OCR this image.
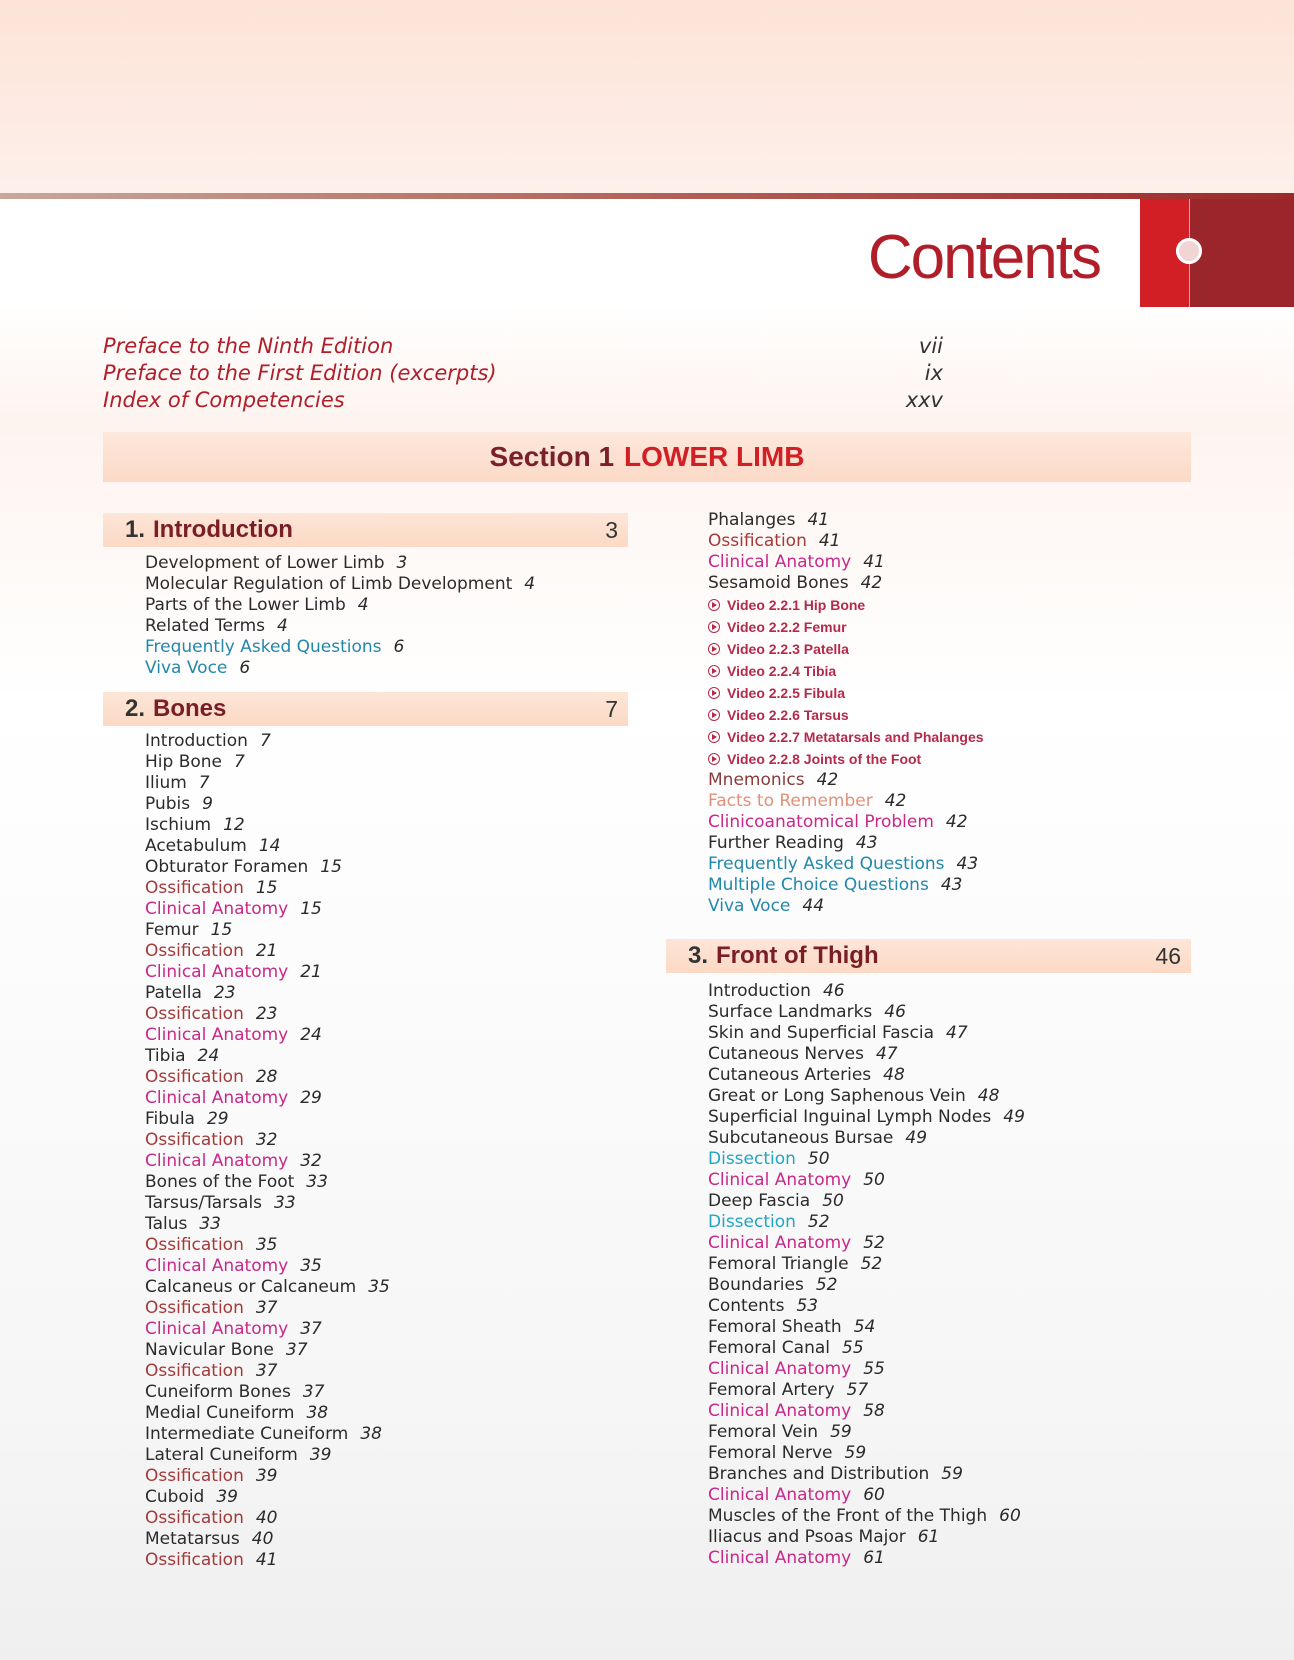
Contents
Preface to the Ninth Edition	vii
Preface to the First Edition (excerpts)	ix
Index of Competencies	xxv
Section 1 LOWER LIMB
1. Introduction	3
Development of Lower Limb 3
Molecular Regulation of Limb Development 4
Parts of the Lower Limb 4
Related Terms 4
Frequently Asked Questions 6
Viva Voce 6
2. Bones	7
Introduction 7
Hip Bone 7
Ilium 7
Pubis 9
Ischium 12
Acetabulum 14
Obturator Foramen 15
Ossification 15
Clinical Anatomy 15
Femur 15
Ossification 21
Clinical Anatomy 21
Patella 23
Ossification 23
Clinical Anatomy 24
Tibia 24
Ossification 28
Clinical Anatomy 29
Fibula 29
Ossification 32
Clinical Anatomy 32
Bones of the Foot 33
Tarsus/Tarsals 33
Talus 33
Ossification 35
Clinical Anatomy 35
Calcaneus or Calcaneum 35
Ossification 37
Clinical Anatomy 37
Navicular Bone 37
Ossification 37
Cuneiform Bones 37
Medial Cuneiform 38
Intermediate Cuneiform 38
Lateral Cuneiform 39
Ossification 39
Cuboid 39
Ossification 40
Metatarsus 40
Ossification 41
Phalanges 41
Ossification 41
Clinical Anatomy 41
Sesamoid Bones 42
Video 2.2.1 Hip Bone
Video 2.2.2 Femur
Video 2.2.3 Patella
Video 2.2.4 Tibia
Video 2.2.5 Fibula
Video 2.2.6 Tarsus
Video 2.2.7 Metatarsals and Phalanges
Video 2.2.8 Joints of the Foot
Mnemonics 42
Facts to Remember 42
Clinicoanatomical Problem 42
Further Reading 43
Frequently Asked Questions 43
Multiple Choice Questions 43
Viva Voce 44
3. Front of Thigh	46
Introduction 46
Surface Landmarks 46
Skin and Superficial Fascia 47
Cutaneous Nerves 47
Cutaneous Arteries 48
Great or Long Saphenous Vein 48
Superficial Inguinal Lymph Nodes 49
Subcutaneous Bursae 49
Dissection 50
Clinical Anatomy 50
Deep Fascia 50
Dissection 52
Clinical Anatomy 52
Femoral Triangle 52
Boundaries 52
Contents 53
Femoral Sheath 54
Femoral Canal 55
Clinical Anatomy 55
Femoral Artery 57
Clinical Anatomy 58
Femoral Vein 59
Femoral Nerve 59
Branches and Distribution 59
Clinical Anatomy 60
Muscles of the Front of the Thigh 60
Iliacus and Psoas Major 61
Clinical Anatomy 61
